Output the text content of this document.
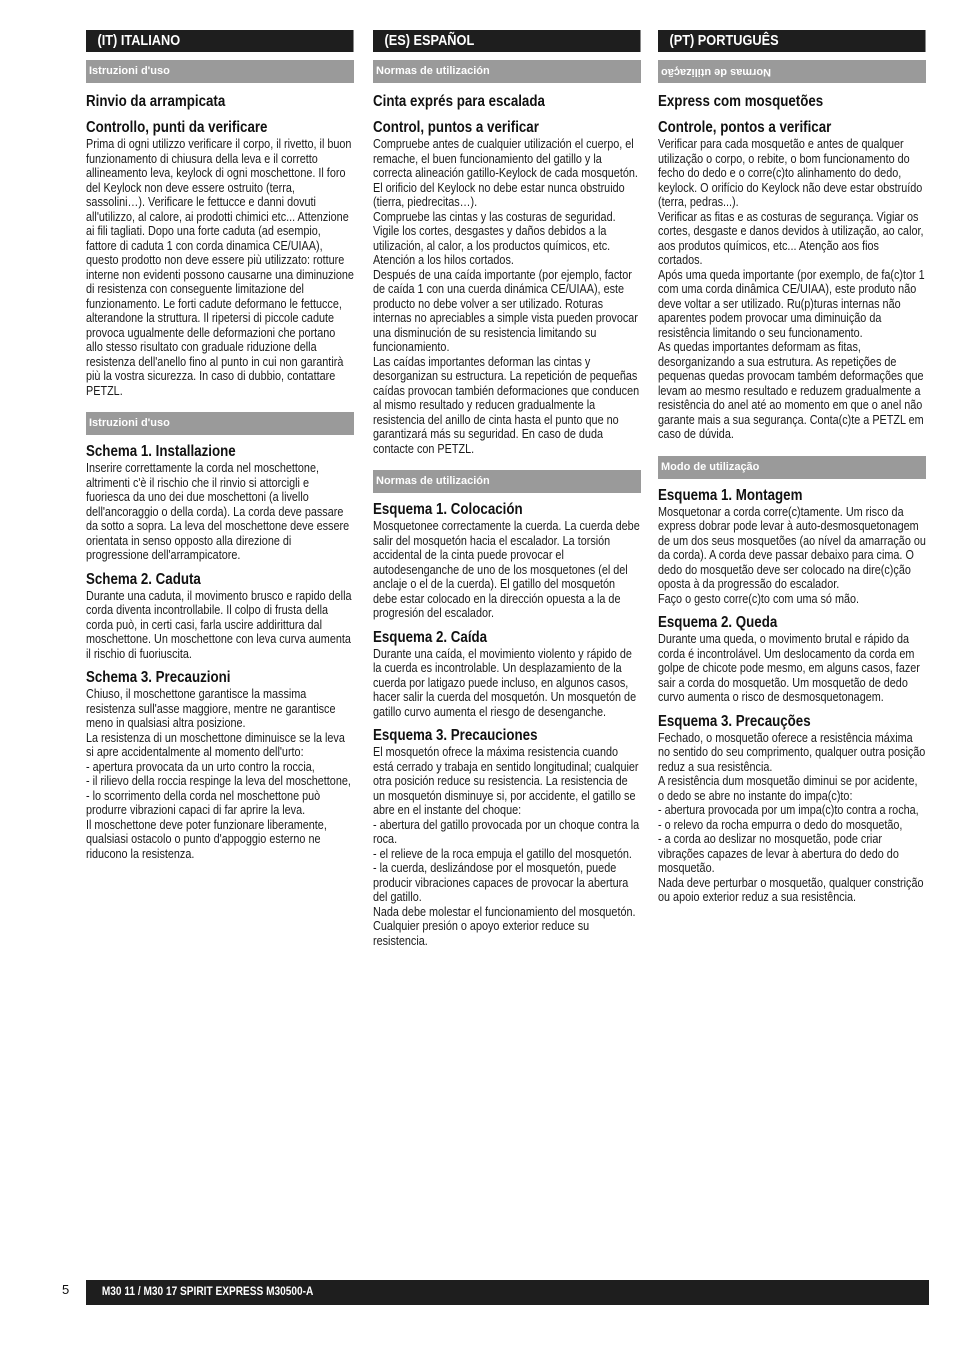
(IT) ITALIANO
Istruzioni d'uso
Rinvio da arrampicata
Controllo, punti da verificare

Prima di ogni utilizzo verificare il corpo, il rivetto, il buon funzionamento di chiusura della leva e il corretto allineamento leva, keylock di ogni moschettone. Il foro del Keylock non deve essere ostruito (terra, sassolini…). Verificare le fettucce e danni dovuti all'utilizzo, al calore, ai prodotti chimici etc... Attenzione ai fili tagliati. Dopo una forte caduta (ad esempio, fattore di caduta 1 con corda dinamica CE/UIAA), questo prodotto non deve essere più utilizzato: rotture interne non evidenti possono causarne una diminuzione di resistenza con conseguente limitazione del funzionamento. Le forti cadute deformano le fettucce, alterandone la struttura. Il ripetersi di piccole cadute provoca ugualmente delle deformazioni che portano allo stesso risultato con graduale riduzione della resistenza dell'anello fino al punto in cui non garantirà più la vostra sicurezza. In caso di dubbio, contattare PETZL.

Istruzioni d'uso
Schema 1. Installazione

Inserire correttamente la corda nel moschettone, altrimenti c'è il rischio che il rinvio si attorcigli e fuoriesca da uno dei due moschettoni (a livello dell'ancoraggio o della corda). La corda deve passare da sotto a sopra. La leva del moschettone deve essere orientata in senso opposto alla direzione di progressione dell'arrampicatore.

Schema 2. Caduta

Durante una caduta, il movimento brusco e rapido della corda diventa incontrollabile. Il colpo di frusta della corda può, in certi casi, farla uscire addirittura dal moschettone. Un moschettone con leva curva aumenta il rischio di fuoriuscita.

Schema 3. Precauzioni

Chiuso, il moschettone garantisce la massima resistenza sull'asse maggiore, mentre ne garantisce meno in qualsiasi altra posizione.

La resistenza di un moschettone diminuisce se la leva si apre accidentalmente al momento dell'urto:

- apertura provocata da un urto contro la roccia,

- il rilievo della roccia respinge la leva del moschettone,

- lo scorrimento della corda nel moschettone può produrre vibrazioni capaci di far aprire la leva.

Il moschettone deve poter funzionare liberamente, qualsiasi ostacolo o punto d'appoggio esterno ne riducono la resistenza.

(ES) ESPAÑOL
Normas de utilización
Cinta exprés para escalada
Control, puntos a verificar

Compruebe antes de cualquier utilización el cuerpo, el remache, el buen funcionamiento del gatillo y la correcta alineación gatillo-Keylock de cada mosquetón. El orificio del Keylock no debe estar nunca obstruido (tierra, piedrecitas…).

Compruebe las cintas y las costuras de seguridad. Vigile los cortes, desgastes y daños debidos a la utilización, al calor, a los productos químicos, etc. Atención a los hilos cortados.

Después de una caída importante (por ejemplo, factor de caída 1 con una cuerda dinámica CE/UIAA), este producto no debe volver a ser utilizado. Roturas internas no apreciables a simple vista pueden provocar una disminución de su resistencia limitando su funcionamiento.

Las caídas importantes deforman las cintas y desorganizan su estructura. La repetición de pequeñas caídas provocan también deformaciones que conducen al mismo resultado y reducen gradualmente la resistencia del anillo de cinta hasta el punto que no garantizará más su seguridad. En caso de duda contacte con PETZL.

Normas de utilización
Esquema 1. Colocación

Mosquetonee correctamente la cuerda. La cuerda debe salir del mosquetón hacia el escalador. La torsión accidental de la cinta puede provocar el autodesenganche de uno de los mosquetones (el del anclaje o el de la cuerda). El gatillo del mosquetón debe estar colocado en la dirección opuesta a la de progresión del escalador.

Esquema 2. Caída

Durante una caída, el movimiento violento y rápido de la cuerda es incontrolable. Un desplazamiento de la cuerda por latigazo puede incluso, en algunos casos, hacer salir la cuerda del mosquetón. Un mosquetón de gatillo curvo aumenta el riesgo de desenganche.

Esquema 3. Precauciones

El mosquetón ofrece la máxima resistencia cuando está cerrado y trabaja en sentido longitudinal; cualquier otra posición reduce su resistencia. La resistencia de un mosquetón disminuye si, por accidente, el gatillo se abre en el instante del choque:

- abertura del gatillo provocada por un choque contra la roca.

- el relieve de la roca empuja el gatillo del mosquetón.

- la cuerda, deslizándose por el mosquetón, puede producir vibraciones capaces de provocar la abertura del gatillo.

Nada debe molestar el funcionamiento del mosquetón. Cualquier presión o apoyo exterior reduce su resistencia.

(PT) PORTUGUÊS
Normas de utilização
Express com mosquetões
Controle, pontos a verificar

Verificar para cada mosquetão e antes de qualquer utilização o corpo, o rebite, o bom funcionamento do fecho do dedo e o corre(c)to alinhamento do dedo, keylock. O orifício do Keylock não deve estar obstruído (terra, pedras...).

Verificar as fitas e as costuras de segurança. Vigiar os cortes, desgaste e danos devidos à utilização, ao calor, aos produtos químicos, etc... Atenção aos fios cortados.

Após uma queda importante (por exemplo, de fa(c)tor 1 com uma corda dinâmica CE/UIAA), este produto não deve voltar a ser utilizado. Ru(p)turas internas não aparentes podem provocar uma diminuição da resistência limitando o seu funcionamento.

As quedas importantes deformam as fitas, desorganizando a sua estrutura. As repetições de pequenas quedas provocam também deformações que levam ao mesmo resultado e reduzem gradualmente a resistência do anel até ao momento em que o anel não garante mais a sua segurança. Conta(c)te a PETZL em caso de dúvida.

Modo de utilização
Esquema 1. Montagem

Mosquetonar a corda corre(c)tamente. Um risco da express dobrar pode levar à auto-desmosquetonagem de um dos seus mosquetões (ao nível da amarração ou da corda). A corda deve passar debaixo para cima. O dedo do mosquetão deve ser colocado na dire(c)ção oposta à da progressão do escalador.

Faço o gesto corre(c)to com uma só mão.

Esquema 2. Queda

Durante uma queda, o movimento brutal e rápido da corda é incontrolável. Um deslocamento da corda em golpe de chicote pode mesmo, em alguns casos, fazer sair a corda do mosquetão. Um mosquetão de dedo curvo aumenta o risco de desmosquetonagem.

Esquema 3. Precauções

Fechado, o mosquetão oferece a resistência máxima no sentido do seu comprimento, qualquer outra posição reduz a sua resistência.

A resistência dum mosquetão diminui se por acidente, o dedo se abre no instante do impa(c)to:

- abertura provocada por um impa(c)to contra a rocha,

- o relevo da rocha empurra o dedo do mosquetão,

- a corda ao deslizar no mosquetão, pode criar vibrações capazes de levar à abertura do dedo do mosquetão.

Nada deve perturbar o mosquetão, qualquer constrição ou apoio exterior reduz a sua resistência.

5	M30 11 / M30 17 SPIRIT EXPRESS M30500-A
